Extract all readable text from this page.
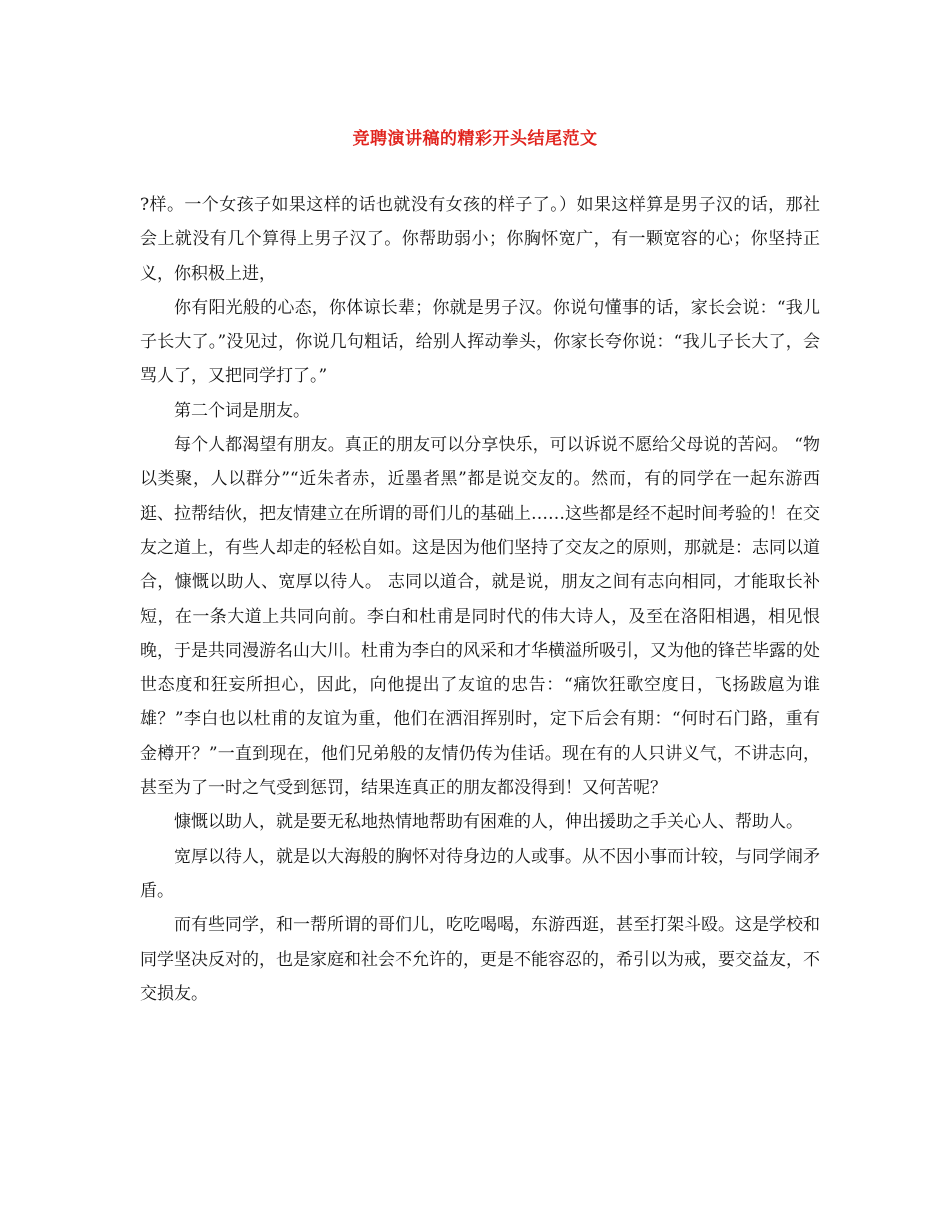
竞聘演讲稿的精彩开头结尾范文

?样。一个女孩子如果这样的话也就没有女孩的样子了。）如果这样算是男子汉的话，那社会上就没有几个算得上男子汉了。你帮助弱小；你胸怀宽广，有一颗宽容的心；你坚持正义，你积极上进，

你有阳光般的心态，你体谅长辈；你就是男子汉。你说句懂事的话，家长会说：“我儿子长大了。”没见过，你说几句粗话，给别人挥动拳头，你家长夸你说：“我儿子长大了，会骂人了，又把同学打了。”

第二个词是朋友。

每个人都渴望有朋友。真正的朋友可以分享快乐，可以诉说不愿给父母说的苦闷。 “物以类聚，人以群分”“近朱者赤，近墨者黑”都是说交友的。然而，有的同学在一起东游西逛、拉帮结伙，把友情建立在所谓的哥们儿的基础上……这些都是经不起时间考验的！在交友之道上，有些人却走的轻松自如。这是因为他们坚持了交友之的原则，那就是：志同以道合，慷慨以助人、宽厚以待人。 志同以道合，就是说，朋友之间有志向相同，才能取长补短，在一条大道上共同向前。李白和杜甫是同时代的伟大诗人，及至在洛阳相遇，相见恨晚，于是共同漫游名山大川。杜甫为李白的风采和才华横溢所吸引，又为他的锋芒毕露的处世态度和狂妄所担心，因此，向他提出了友谊的忠告：“痛饮狂歌空度日，飞扬跋扈为谁雄？”李白也以杜甫的友谊为重，他们在洒泪挥别时，定下后会有期：“何时石门路，重有金樽开？”一直到现在，他们兄弟般的友情仍传为佳话。现在有的人只讲义气，不讲志向，甚至为了一时之气受到惩罚，结果连真正的朋友都没得到！又何苦呢？

慷慨以助人，就是要无私地热情地帮助有困难的人，伸出援助之手关心人、帮助人。

宽厚以待人，就是以大海般的胸怀对待身边的人或事。从不因小事而计较，与同学闹矛盾。

而有些同学，和一帮所谓的哥们儿，吃吃喝喝，东游西逛，甚至打架斗殴。这是学校和同学坚决反对的，也是家庭和社会不允许的，更是不能容忍的，希引以为戒，要交益友，不交损友。
